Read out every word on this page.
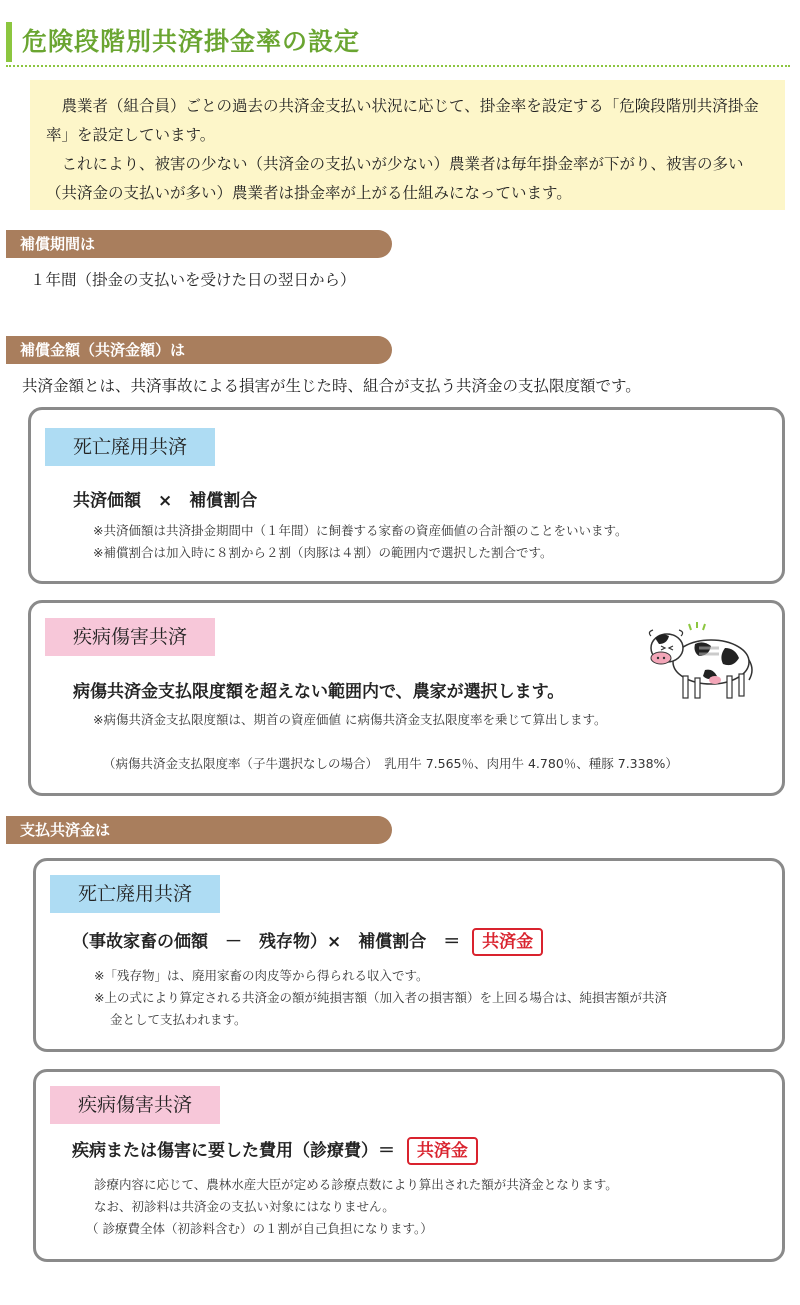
危険段階別共済掛金率の設定

農業者（組合員）ごとの過去の共済金支払い状況に応じて、掛金率を設定する「危険段階別共済掛金率」を設定しています。

これにより、被害の少ない（共済金の支払いが少ない）農業者は毎年掛金率が下がり、被害の多い（共済金の支払いが多い）農業者は掛金率が上がる仕組みになっています。

補償期間は
１年間（掛金の支払いを受けた日の翌日から）
補償金額（共済金額）は
共済金額とは、共済事故による損害が生じた時、組合が支払う共済金の支払限度額です。
死亡廃用共済
共済価額　×　補償割合
※共済価額は共済掛金期間中（１年間）に飼養する家畜の資産価値の合計額のことをいいます。
※補償割合は加入時に８割から２割（肉豚は４割）の範囲内で選択した割合です。
疾病傷害共済
病傷共済金支払限度額を超えない範囲内で、農家が選択します。
※病傷共済金支払限度額は、期首の資産価値 に病傷共済金支払限度率を乗じて算出します。
（病傷共済金支払限度率（子牛選択なしの場合）　乳用牛 7.565％、肉用牛 4.780％、種豚 7.338%）
支払共済金は
死亡廃用共済
（事故家畜の価額　－　残存物）×　補償割合　＝ 共済金
※「残存物」は、廃用家畜の肉皮等から得られる収入です。
※上の式により算定される共済金の額が純損害額（加入者の損害額）を上回る場合は、純損害額が共済
金として支払われます。
疾病傷害共済
疾病または傷害に要した費用（診療費）＝ 共済金
診療内容に応じて、農林水産大臣が定める診療点数により算出された額が共済金となります。
なお、初診料は共済金の支払い対象にはなりません。
（ 診療費全体（初診料含む）の１割が自己負担になります。）
